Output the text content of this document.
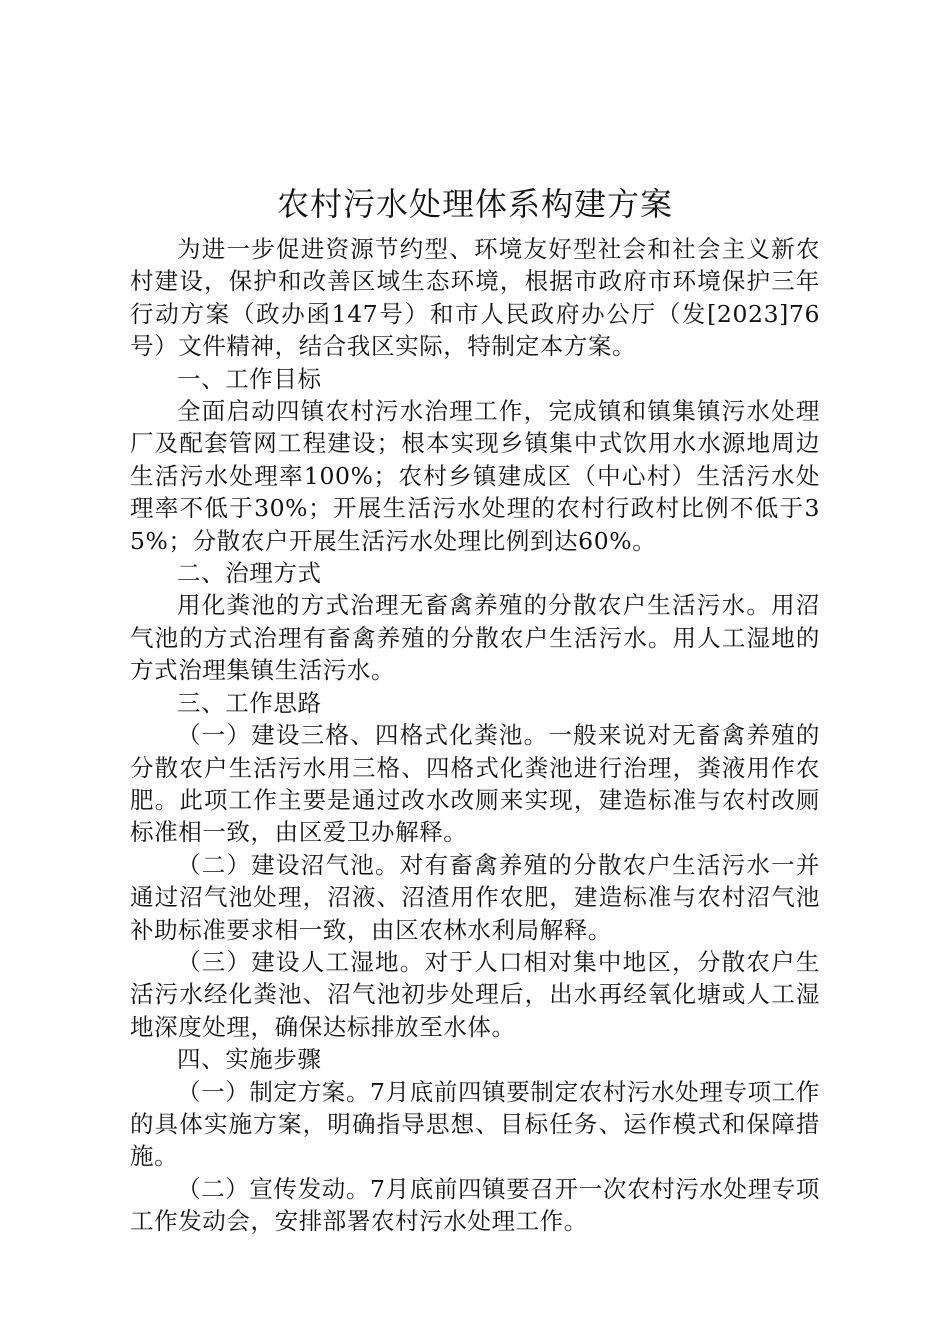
农村污水处理体系构建方案

为进一步促进资源节约型、环境友好型社会和社会主义新农村建设，保护和改善区域生态环境，根据市政府市环境保护三年行动方案（政办函147号）和市人民政府办公厅（发[2023]76号）文件精神，结合我区实际，特制定本方案。

一、工作目标

全面启动四镇农村污水治理工作，完成镇和镇集镇污水处理厂及配套管网工程建设；根本实现乡镇集中式饮用水水源地周边生活污水处理率100%；农村乡镇建成区（中心村）生活污水处理率不低于30%；开展生活污水处理的农村行政村比例不低于35%；分散农户开展生活污水处理比例到达60%。

二、治理方式

用化粪池的方式治理无畜禽养殖的分散农户生活污水。用沼气池的方式治理有畜禽养殖的分散农户生活污水。用人工湿地的方式治理集镇生活污水。

三、工作思路

（一）建设三格、四格式化粪池。一般来说对无畜禽养殖的分散农户生活污水用三格、四格式化粪池进行治理，粪液用作农肥。此项工作主要是通过改水改厕来实现，建造标准与农村改厕标准相一致，由区爱卫办解释。

（二）建设沼气池。对有畜禽养殖的分散农户生活污水一并通过沼气池处理，沼液、沼渣用作农肥，建造标准与农村沼气池补助标准要求相一致，由区农林水利局解释。

（三）建设人工湿地。对于人口相对集中地区，分散农户生活污水经化粪池、沼气池初步处理后，出水再经氧化塘或人工湿地深度处理，确保达标排放至水体。

四、实施步骤

（一）制定方案。7月底前四镇要制定农村污水处理专项工作的具体实施方案，明确指导思想、目标任务、运作模式和保障措施。

（二）宣传发动。7月底前四镇要召开一次农村污水处理专项工作发动会，安排部署农村污水处理工作。
